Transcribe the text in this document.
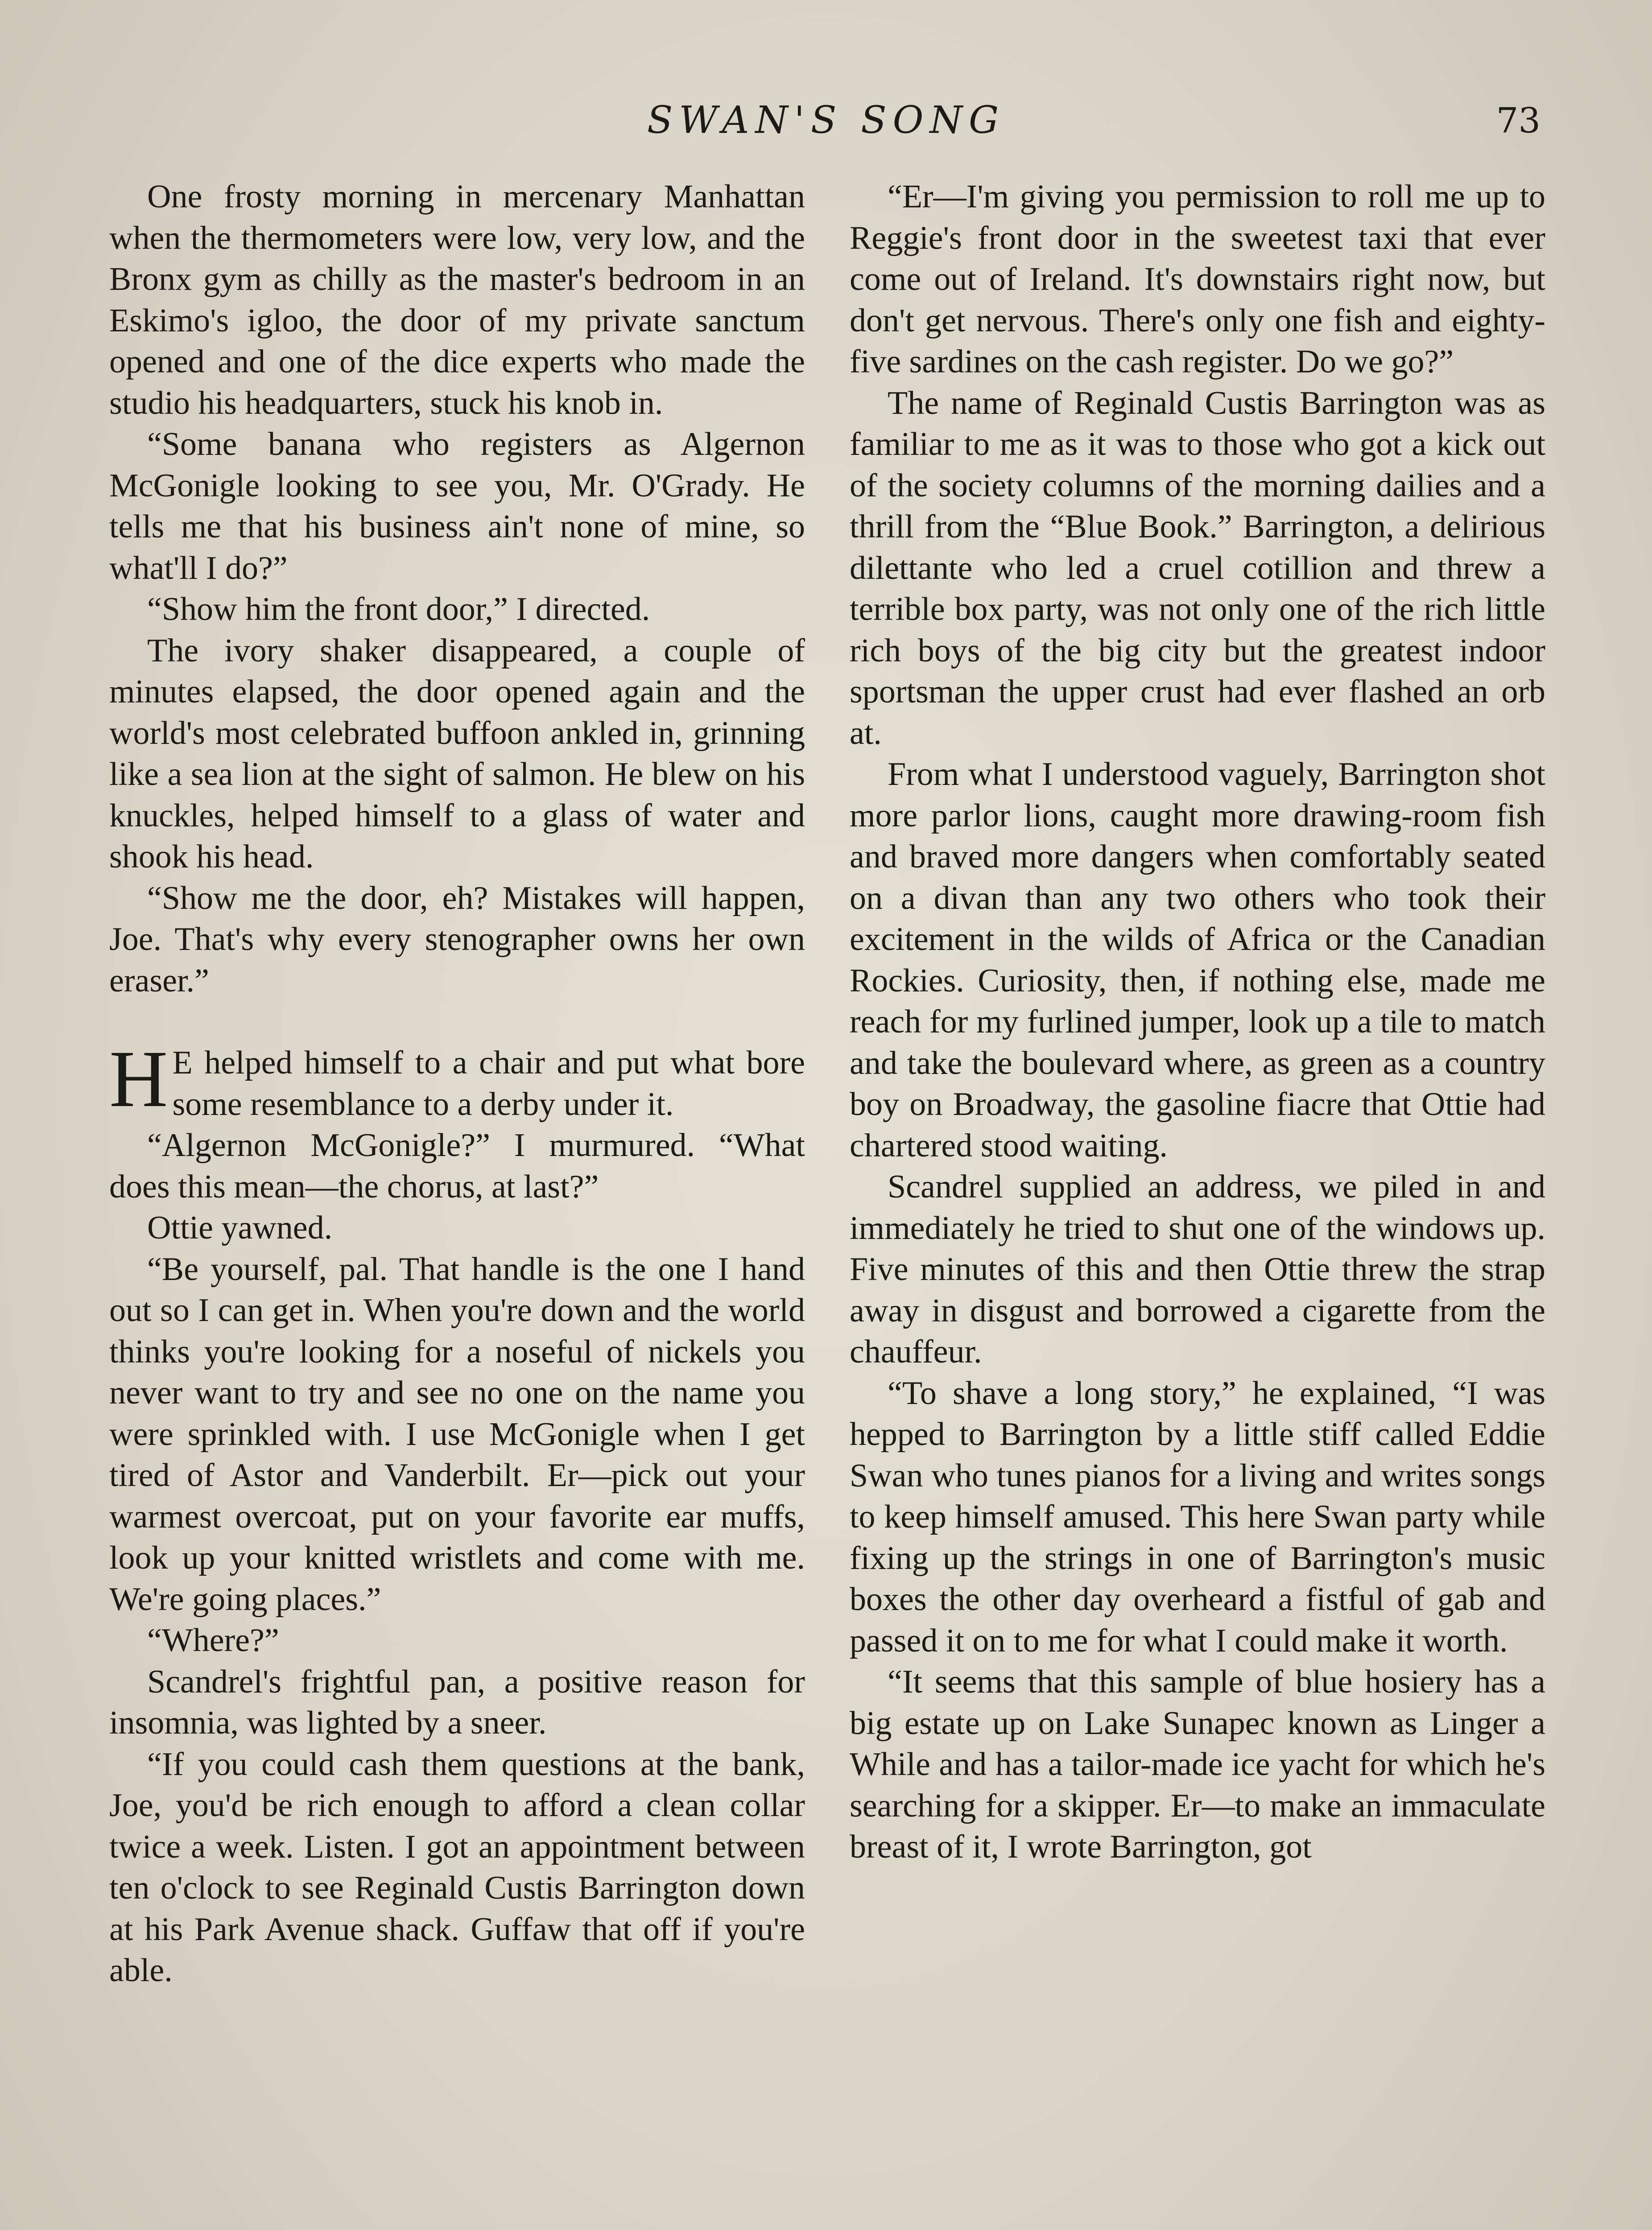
SWAN'S SONG	73

One frosty morning in mercenary Manhattan when the thermometers were low, very low, and the Bronx gym as chilly as the master's bedroom in an Eskimo's igloo, the door of my private sanctum opened and one of the dice experts who made the studio his headquarters, stuck his knob in.

“Some banana who registers as Algernon McGonigle looking to see you, Mr. O'Grady. He tells me that his business ain't none of mine, so what'll I do?”

“Show him the front door,” I directed.

The ivory shaker disappeared, a couple of minutes elapsed, the door opened again and the world's most celebrated buffoon ankled in, grinning like a sea lion at the sight of salmon. He blew on his knuckles, helped himself to a glass of water and shook his head.

“Show me the door, eh? Mistakes will happen, Joe. That's why every stenographer owns her own eraser.”

H E helped himself to a chair and put what bore some resemblance to a derby under it.

“Algernon McGonigle?” I murmured. “What does this mean—the chorus, at last?”

Ottie yawned.

“Be yourself, pal. That handle is the one I hand out so I can get in. When you're down and the world thinks you're looking for a noseful of nickels you never want to try and see no one on the name you were sprinkled with. I use McGonigle when I get tired of Astor and Vanderbilt. Er—pick out your warmest overcoat, put on your favorite ear muffs, look up your knitted wristlets and come with me. We're going places.”

“Where?”

Scandrel's frightful pan, a positive reason for insomnia, was lighted by a sneer.

“If you could cash them questions at the bank, Joe, you'd be rich enough to afford a clean collar twice a week. Listen. I got an appointment between ten o'clock to see Reginald Custis Barrington down at his Park Avenue shack. Guffaw that off if you're able.

“Er—I'm giving you permission to roll me up to Reggie's front door in the sweetest taxi that ever come out of Ireland. It's downstairs right now, but don't get nervous. There's only one fish and eighty-five sardines on the cash register. Do we go?”

The name of Reginald Custis Barrington was as familiar to me as it was to those who got a kick out of the society columns of the morning dailies and a thrill from the “Blue Book.” Barrington, a delirious dilettante who led a cruel cotillion and threw a terrible box party, was not only one of the rich little rich boys of the big city but the greatest indoor sportsman the upper crust had ever flashed an orb at.

From what I understood vaguely, Barrington shot more parlor lions, caught more drawing-room fish and braved more dangers when comfortably seated on a divan than any two others who took their excitement in the wilds of Africa or the Canadian Rockies. Curiosity, then, if nothing else, made me reach for my furlined jumper, look up a tile to match and take the boulevard where, as green as a country boy on Broadway, the gasoline fiacre that Ottie had chartered stood waiting.

Scandrel supplied an address, we piled in and immediately he tried to shut one of the windows up. Five minutes of this and then Ottie threw the strap away in disgust and borrowed a cigarette from the chauffeur.

“To shave a long story,” he explained, “I was hepped to Barrington by a little stiff called Eddie Swan who tunes pianos for a living and writes songs to keep himself amused. This here Swan party while fixing up the strings in one of Barrington's music boxes the other day overheard a fistful of gab and passed it on to me for what I could make it worth.

“It seems that this sample of blue hosiery has a big estate up on Lake Sunapec known as Linger a While and has a tailor-made ice yacht for which he's searching for a skipper. Er—to make an immaculate breast of it, I wrote Barrington, got
